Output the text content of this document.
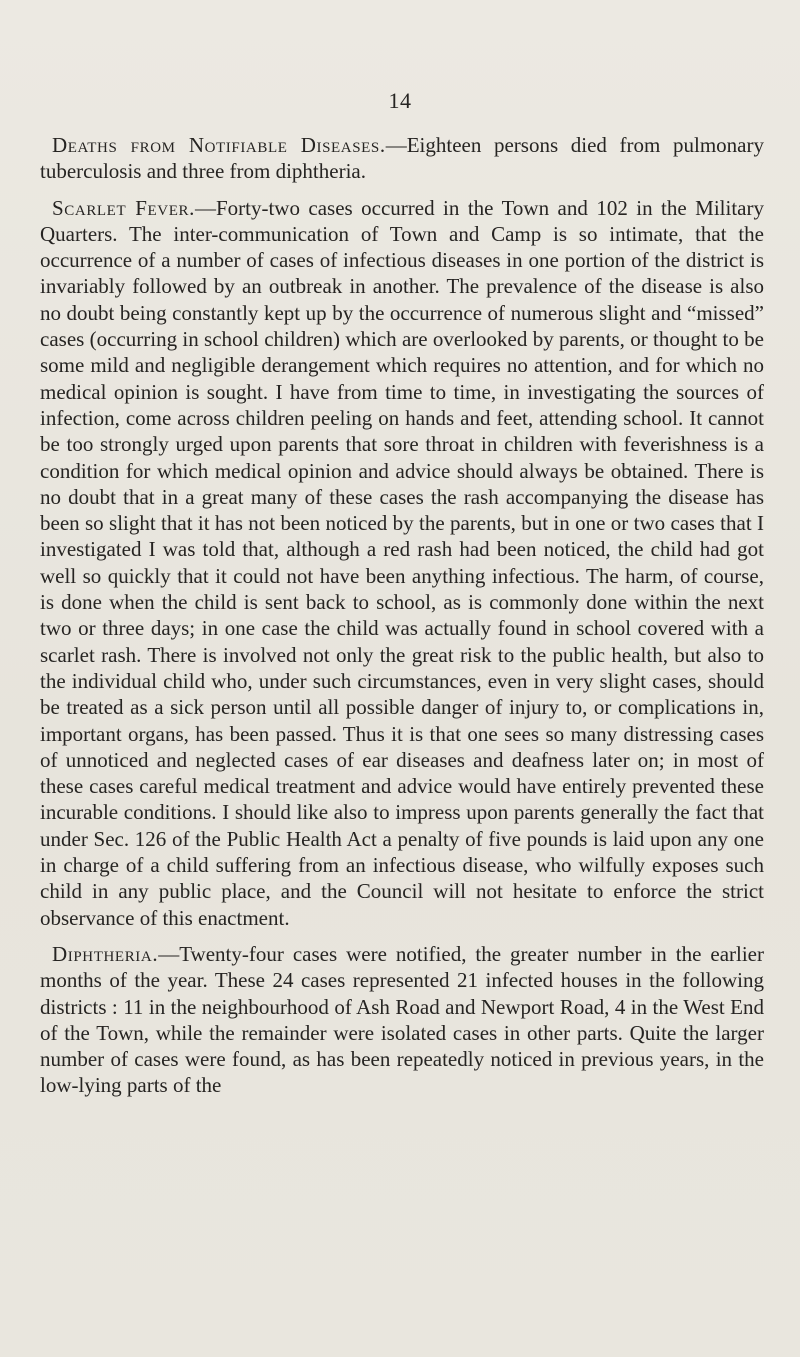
14

Deaths from Notifiable Diseases.—Eighteen persons died from pulmonary tuberculosis and three from diphtheria.

Scarlet Fever.—Forty-two cases occurred in the Town and 102 in the Military Quarters. The inter-communication of Town and Camp is so intimate, that the occurrence of a number of cases of infectious diseases in one portion of the district is invariably followed by an outbreak in another. The prevalence of the disease is also no doubt being constantly kept up by the occurrence of numerous slight and “missed” cases (occurring in school children) which are overlooked by parents, or thought to be some mild and negligible derangement which requires no attention, and for which no medical opinion is sought. I have from time to time, in investigating the sources of infection, come across children peeling on hands and feet, attending school. It cannot be too strongly urged upon parents that sore throat in children with feverishness is a condition for which medical opinion and advice should always be obtained. There is no doubt that in a great many of these cases the rash accompanying the disease has been so slight that it has not been noticed by the parents, but in one or two cases that I investigated I was told that, although a red rash had been noticed, the child had got well so quickly that it could not have been anything infectious. The harm, of course, is done when the child is sent back to school, as is commonly done within the next two or three days; in one case the child was actually found in school covered with a scarlet rash. There is involved not only the great risk to the public health, but also to the individual child who, under such circumstances, even in very slight cases, should be treated as a sick person until all possible danger of injury to, or complications in, important organs, has been passed. Thus it is that one sees so many distressing cases of unnoticed and neglected cases of ear diseases and deafness later on; in most of these cases careful medical treatment and advice would have entirely prevented these incurable conditions. I should like also to impress upon parents generally the fact that under Sec. 126 of the Public Health Act a penalty of five pounds is laid upon any one in charge of a child suffering from an infectious disease, who wilfully exposes such child in any public place, and the Council will not hesitate to enforce the strict observance of this enactment.

Diphtheria.—Twenty-four cases were notified, the greater number in the earlier months of the year. These 24 cases represented 21 infected houses in the following districts : 11 in the neighbourhood of Ash Road and Newport Road, 4 in the West End of the Town, while the remainder were isolated cases in other parts. Quite the larger number of cases were found, as has been repeatedly noticed in previous years, in the low-lying parts of the
